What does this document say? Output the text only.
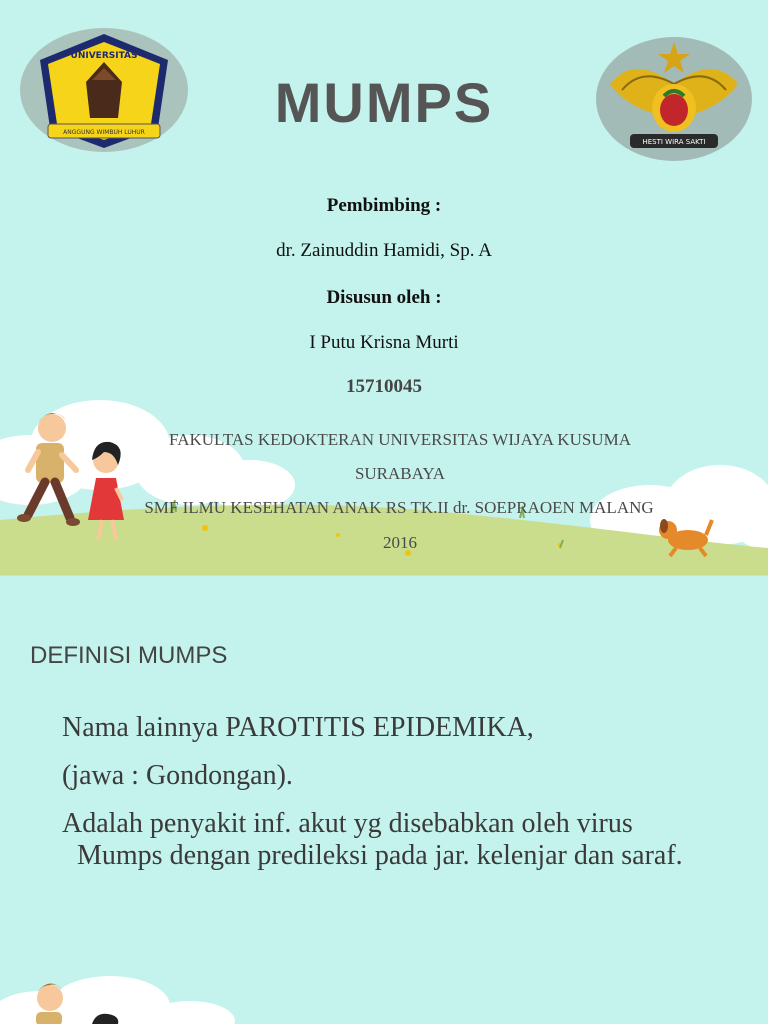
ANGGUNG WIMBUH LUHUR
UNIVERSITAS
HESTI WIRA SAKTI
MUMPS
Pembimbing :
dr. Zainuddin Hamidi, Sp. A
Disusun oleh :
I Putu Krisna Murti
15710045
FAKULTAS KEDOKTERAN UNIVERSITAS WIJAYA KUSUMA
SURABAYA
SMF ILMU KESEHATAN ANAK RS TK.II dr. SOEPRAOEN MALANG
2016
DEFINISI MUMPS
Nama lainnya PAROTITIS EPIDEMIKA,
(jawa : Gondongan).
Adalah penyakit inf. akut yg disebabkan oleh virus
Mumps dengan predileksi pada jar. kelenjar dan saraf.
